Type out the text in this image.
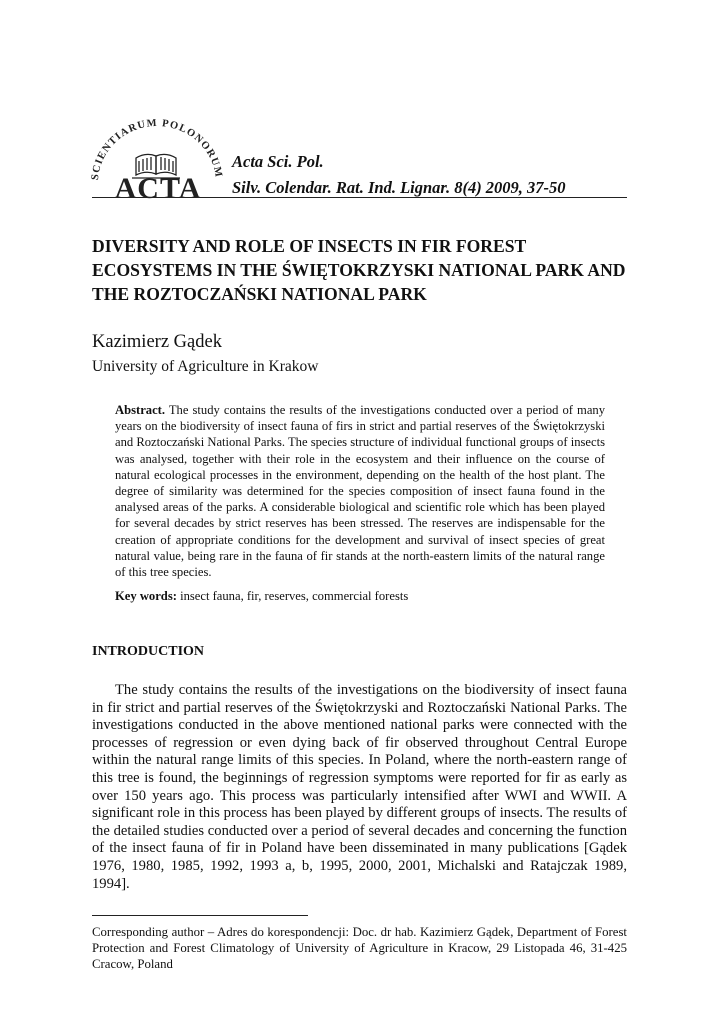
SCIENTIARUM POLONORUM
ACTA
Acta Sci. Pol.
Silv. Colendar. Rat. Ind. Lignar. 8(4) 2009, 37-50
DIVERSITY AND ROLE OF INSECTS IN FIR FOREST ECOSYSTEMS IN THE ŚWIĘTOKRZYSKI NATIONAL PARK AND THE ROZTOCZAŃSKI NATIONAL PARK
Kazimierz Gądek
University of Agriculture in Krakow

Abstract. The study contains the results of the investigations conducted over a period of many years on the biodiversity of insect fauna of firs in strict and partial reserves of the Świętokrzyski and Roztoczański National Parks. The species structure of individual functional groups of insects was analysed, together with their role in the ecosystem and their influence on the course of natural ecological processes in the environment, depending on the health of the host plant. The degree of similarity was determined for the species composition of insect fauna found in the analysed areas of the parks. A considerable biological and scientific role which has been played for several decades by strict reserves has been stressed. The reserves are indispensable for the creation of appropriate conditions for the development and survival of insect species of great natural value, being rare in the fauna of fir stands at the north-eastern limits of the natural range of this tree species.

Key words: insect fauna, fir, reserves, commercial forests
INTRODUCTION

The study contains the results of the investigations on the biodiversity of insect fauna in fir strict and partial reserves of the Świętokrzyski and Roztoczański National Parks. The investigations conducted in the above mentioned national parks were connected with the processes of regression or even dying back of fir observed throughout Central Europe within the natural range limits of this species. In Poland, where the north-eastern range of this tree is found, the beginnings of regression symptoms were reported for fir as early as over 150 years ago. This process was particularly intensified after WWI and WWII. A significant role in this process has been played by different groups of insects. The results of the detailed studies conducted over a period of several decades and concerning the function of the insect fauna of fir in Poland have been disseminated in many publications [Gądek 1976, 1980, 1985, 1992, 1993 a, b, 1995, 2000, 2001, Michalski and Ratajczak 1989, 1994].

Corresponding author – Adres do korespondencji: Doc. dr hab. Kazimierz Gądek, Department of Forest Protection and Forest Climatology of University of Agriculture in Kracow, 29 Listopada 46, 31-425 Cracow, Poland
